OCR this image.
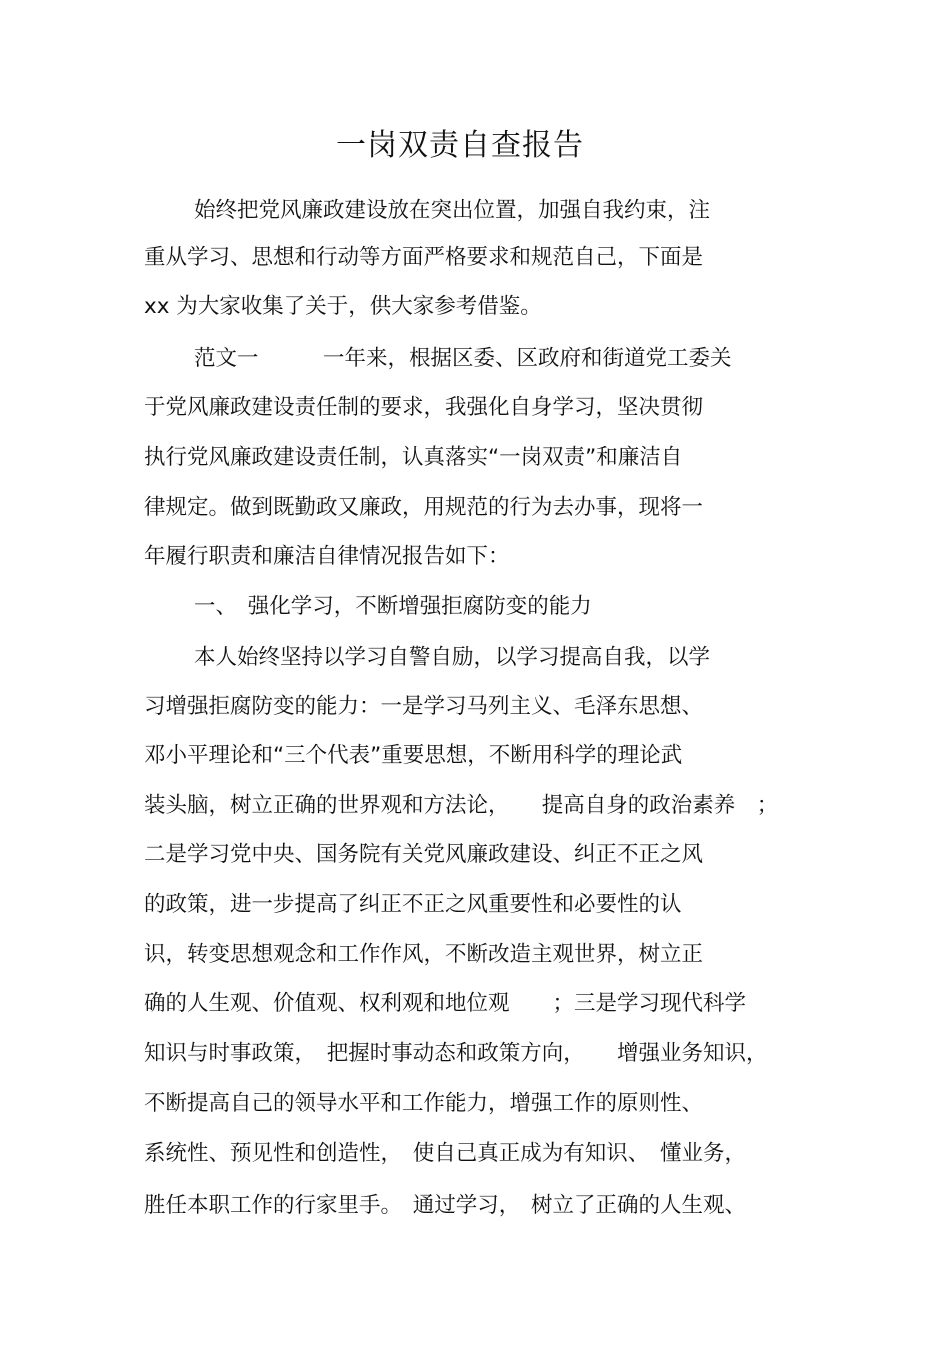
一岗双责自查报告
始终把党风廉政建设放在突出位置，加强自我约束，注
重从学习、思想和行动等方面严格要求和规范自己，下面是
xx 为大家收集了关于，供大家参考借鉴。
范文一　　　一年来，根据区委、区政府和街道党工委关
于党风廉政建设责任制的要求，我强化自身学习，坚决贯彻
执行党风廉政建设责任制，认真落实“一岗双责”和廉洁自
律规定。做到既勤政又廉政，用规范的行为去办事，现将一
年履行职责和廉洁自律情况报告如下：
一、　强化学习，不断增强拒腐防变的能力
本人始终坚持以学习自警自励，以学习提高自我，以学
习增强拒腐防变的能力：一是学习马列主义、毛泽东思想、
邓小平理论和“三个代表”重要思想，不断用科学的理论武
装头脑，树立正确的世界观和方法论，　　提高自身的政治素养　；
二是学习党中央、国务院有关党风廉政建设、纠正不正之风
的政策，进一步提高了纠正不正之风重要性和必要性的认
识，转变思想观念和工作作风，不断改造主观世界，树立正
确的人生观、价值观、权利观和地位观　　；三是学习现代科学
知识与时事政策，　把握时事动态和政策方向，　　增强业务知识，
不断提高自己的领导水平和工作能力，增强工作的原则性、
系统性、预见性和创造性，　使自己真正成为有知识、　懂业务，
胜任本职工作的行家里手。　通过学习，　树立了正确的人生观、
